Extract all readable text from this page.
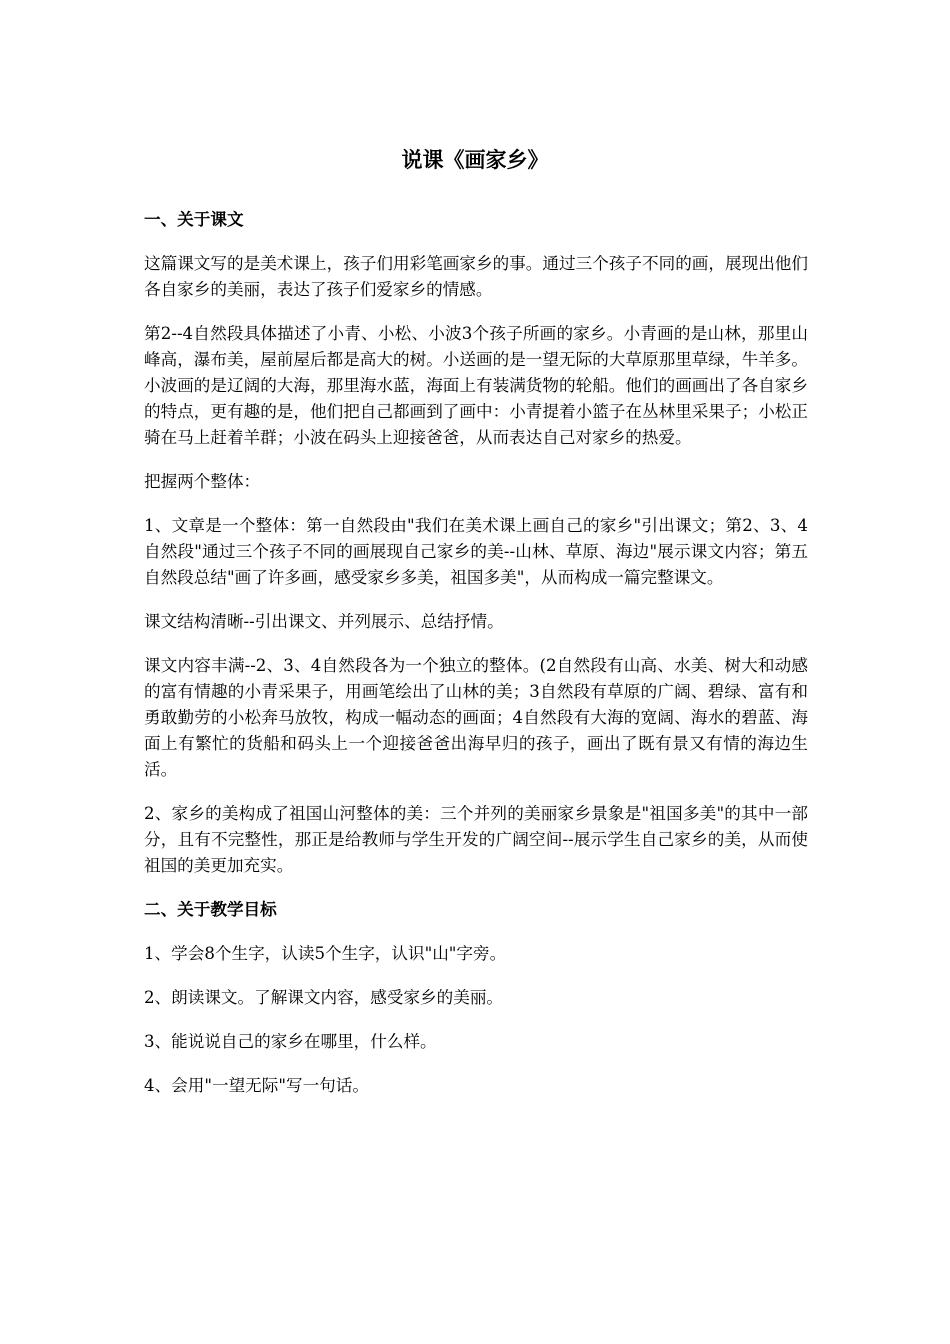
说课《画家乡》
一、关于课文

这篇课文写的是美术课上，孩子们用彩笔画家乡的事。通过三个孩子不同的画，展现出他们各自家乡的美丽，表达了孩子们爱家乡的情感。

第2--4自然段具体描述了小青、小松、小波3个孩子所画的家乡。小青画的是山林，那里山峰高，瀑布美，屋前屋后都是高大的树。小送画的是一望无际的大草原那里草绿，牛羊多。小波画的是辽阔的大海，那里海水蓝，海面上有装满货物的轮船。他们的画画出了各自家乡的特点，更有趣的是，他们把自己都画到了画中：小青提着小篮子在丛林里采果子；小松正骑在马上赶着羊群；小波在码头上迎接爸爸，从而表达自己对家乡的热爱。

把握两个整体：

1、文章是一个整体：第一自然段由"我们在美术课上画自己的家乡"引出课文；第2、3、4自然段"通过三个孩子不同的画展现自己家乡的美--山林、草原、海边"展示课文内容；第五自然段总结"画了许多画，感受家乡多美，祖国多美"，从而构成一篇完整课文。

课文结构清晰--引出课文、并列展示、总结抒情。

课文内容丰满--2、3、4自然段各为一个独立的整体。(2自然段有山高、水美、树大和动感的富有情趣的小青采果子，用画笔绘出了山林的美；3自然段有草原的广阔、碧绿、富有和勇敢勤劳的小松奔马放牧，构成一幅动态的画面；4自然段有大海的宽阔、海水的碧蓝、海面上有繁忙的货船和码头上一个迎接爸爸出海早归的孩子，画出了既有景又有情的海边生活。

2、家乡的美构成了祖国山河整体的美：三个并列的美丽家乡景象是"祖国多美"的其中一部分，且有不完整性，那正是给教师与学生开发的广阔空间--展示学生自己家乡的美，从而使祖国的美更加充实。

二、关于教学目标

1、学会8个生字，认读5个生字，认识"山"字旁。

2、朗读课文。了解课文内容，感受家乡的美丽。

3、能说说自己的家乡在哪里，什么样。

4、会用"一望无际"写一句话。
